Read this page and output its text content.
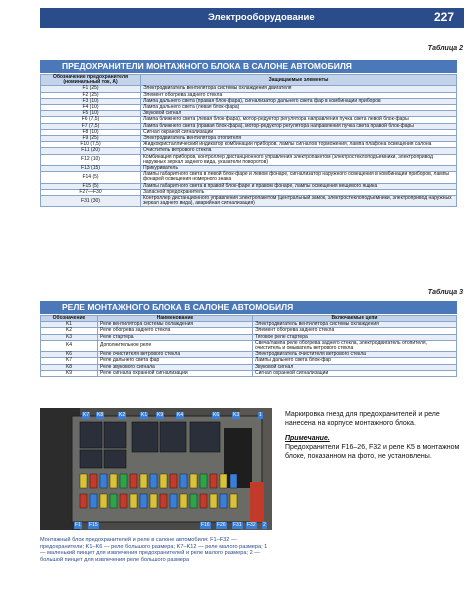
Электрооборудование	227
Таблица 2
ПРЕДОХРАНИТЕЛИ МОНТАЖНОГО БЛОКА В САЛОНЕ АВТОМОБИЛЯ
Обозначение предохранителя (номинальный ток, А)	Защищаемые элементы
F1 (25)	Электродвигатель вентилятора системы охлаждения двигателя
F2 (25)	Элемент обогрева заднего стекла
F3 (10)	Лампа дальнего света (правая блок-фара), сигнализатор дальнего света фар в комбинации приборов
F4 (10)	Лампа дальнего света (левая блок-фара)
F5 (10)	Звуковой сигнал
F6 (7,5)	Лампа ближнего света (левая блок-фара), мотор-редуктор регулятора направления пучка света левой блок-фары
F7 (7,5)	Лампа ближнего света (правая блок-фара), мотор-редуктор регулятора направления пучка света правой блок-фары
F8 (10)	Сигнал окраной сигнализации
F9 (25)	Электродвигатель вентилятора отопителя
F10 (7,5)	Жидкокристаллический индикатор комбинации приборов, лампы сигналов торможения, лампа плафона освещения салона
F11 (20)	Очиститель ветрового стекла
F12 (10)	Комбинация приборов, контроллер дистанционного управления электропакетом (электростеклоподъемники, электропривод наружных зеркал заднего вида, указатели поворотов)
F13 (15)	Прикуриватель
F14 (5)	Лампы габаритного света в левой блок-фаре и левом фонаре, сигнализатор наружного освещения в комбинации приборов, лампы фонарей освещения номерного знака
F15 (5)	Лампы габаритного света в правой блок-фаре и правом фонаре, лампы освещения вещевого ящика
F27—F30	Запасной предохранитель
F31 (30)	Контроллер дистанционного управления электропакетом (центральный замок, электростеклоподъемники, электропривод наружных зеркал заднего вида), аварийная сигнализация)
Таблица 3
РЕЛЕ МОНТАЖНОГО БЛОКА В САЛОНЕ АВТОМОБИЛЯ
Обозначение	Наименование	Включаемые цепи
K1	Реле вентилятора системы охлаждения	Электродвигатель вентилятора системы охлаждения
K2	Реле обогрева заднего стекла	Элемент обогрева заднего стекла
K3	Реле стартера	Тяговое реле стартера
K4	Дополнительное реле	Свеча/лампа реле обогрева заднего стекла, электродвигатель отопителя, очиститель и омыватель ветрового стекла
K6	Реле очистителя ветрового стекла	Электродвигатель очистителя ветрового стекла
K7	Реле дальнего света фар	Лампы дальнего света блок-фар
K8	Реле звукового сигнала	Звуковой сигнал
K9	Реле сигнала охранной сигнализации	Сигнал охранной сигнализации
K7 K8	K2	K1 K9	K4	K6	K3	1
F1 F15	F16 F26 F31 F32 2
Монтажный блок предохранителей и реле в салоне автомобиля: F1–F32 — предохранители; K1–K6 — реле большого размера; K7–K12 — реле малого размера; 1 — маленький пинцет для извлечения предохранителей и реле малого размера; 2 — большой пинцет для извлечения реле большого размера
Маркировка гнезд для предохранителей и реле нанесена на корпусе монтажного блока.
Примечание.
Предохранители F16–26, F32 и реле K5 в монтажном блоке, показанном на фото, не установлены.
